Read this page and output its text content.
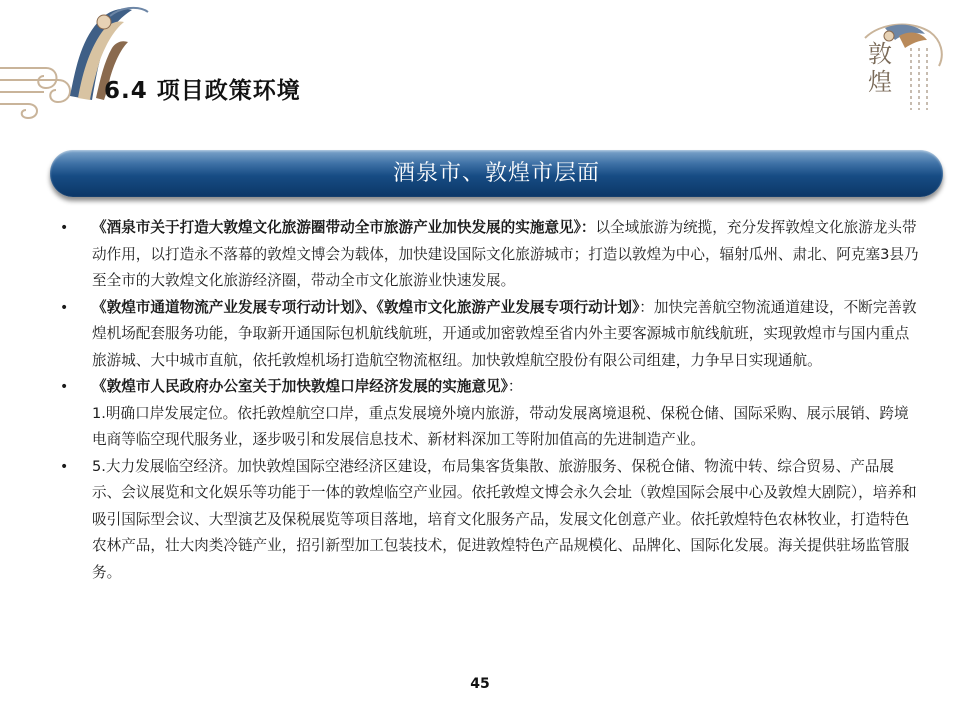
6.4 项目政策环境
敦
煌
酒泉市、敦煌市层面
• 《酒泉市关于打造大敦煌文化旅游圈带动全市旅游产业加快发展的实施意见》：以全域旅游为统揽，充分发挥敦煌文化旅游龙头带动作用，以打造永不落幕的敦煌文博会为载体，加快建设国际文化旅游城市；打造以敦煌为中心，辐射瓜州、肃北、阿克塞3县乃至全市的大敦煌文化旅游经济圈，带动全市文化旅游业快速发展。
• 《敦煌市通道物流产业发展专项行动计划》、《敦煌市文化旅游产业发展专项行动计划》：加快完善航空物流通道建设，不断完善敦煌机场配套服务功能，争取新开通国际包机航线航班，开通或加密敦煌至省内外主要客源城市航线航班，实现敦煌市与国内重点旅游城、大中城市直航，依托敦煌机场打造航空物流枢纽。加快敦煌航空股份有限公司组建，力争早日实现通航。
• 《敦煌市人民政府办公室关于加快敦煌口岸经济发展的实施意见》：
1.明确口岸发展定位。依托敦煌航空口岸，重点发展境外境内旅游，带动发展离境退税、保税仓储、国际采购、展示展销、跨境电商等临空现代服务业，逐步吸引和发展信息技术、新材料深加工等附加值高的先进制造产业。
• 5.大力发展临空经济。加快敦煌国际空港经济区建设，布局集客货集散、旅游服务、保税仓储、物流中转、综合贸易、产品展示、会议展览和文化娱乐等功能于一体的敦煌临空产业园。依托敦煌文博会永久会址（敦煌国际会展中心及敦煌大剧院），培养和吸引国际型会议、大型演艺及保税展览等项目落地，培育文化服务产品，发展文化创意产业。依托敦煌特色农林牧业，打造特色农林产品，壮大肉类冷链产业，招引新型加工包装技术，促进敦煌特色产品规模化、品牌化、国际化发展。海关提供驻场监管服务。
45
